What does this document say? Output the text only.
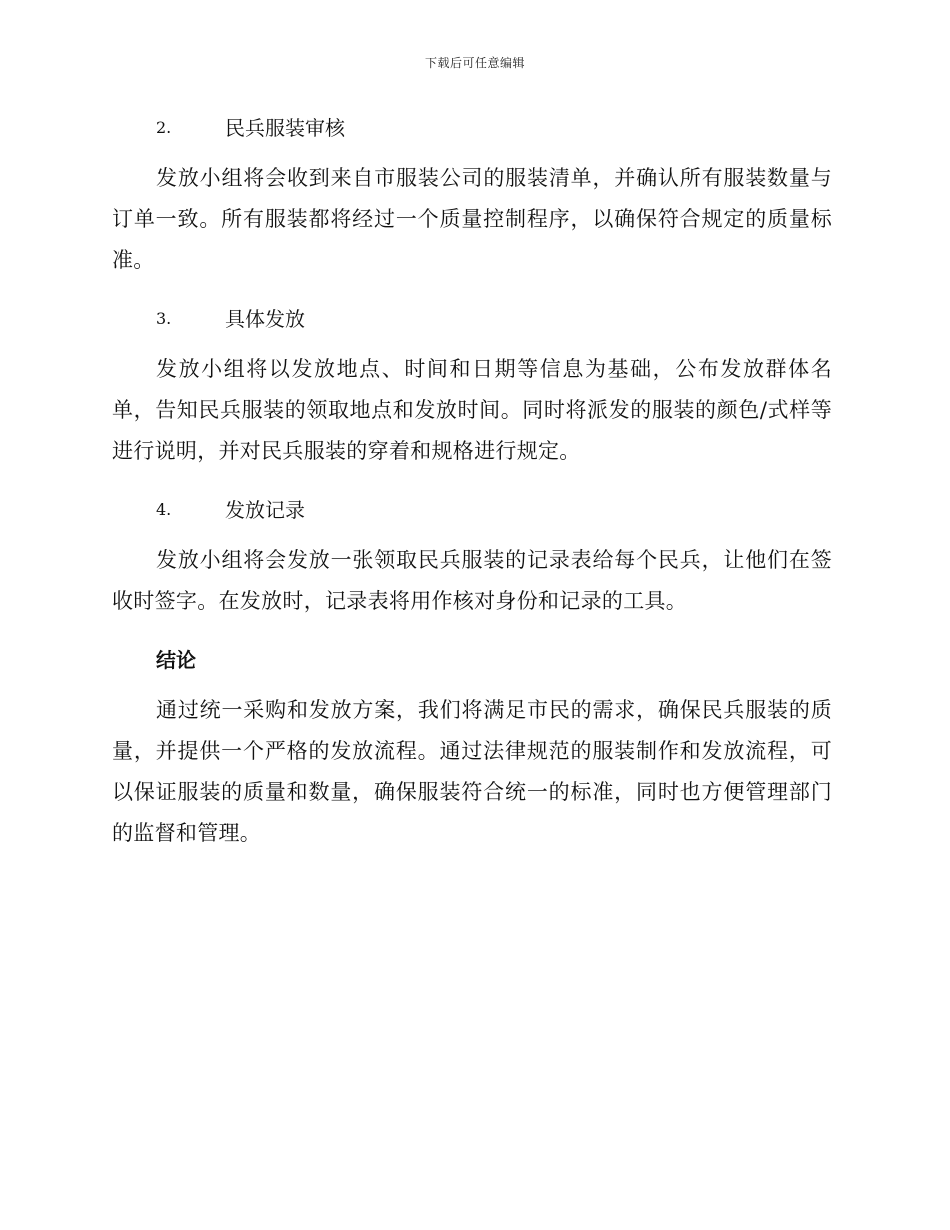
下载后可任意编辑
2.	民兵服装审核

发放小组将会收到来自市服装公司的服装清单，并确认所有服装数量与订单一致。所有服装都将经过一个质量控制程序，以确保符合规定的质量标准。

3.	具体发放

发放小组将以发放地点、时间和日期等信息为基础，公布发放群体名单，告知民兵服装的领取地点和发放时间。同时将派发的服装的颜色/式样等进行说明，并对民兵服装的穿着和规格进行规定。

4.	发放记录

发放小组将会发放一张领取民兵服装的记录表给每个民兵，让他们在签收时签字。在发放时，记录表将用作核对身份和记录的工具。

结论

通过统一采购和发放方案，我们将满足市民的需求，确保民兵服装的质量，并提供一个严格的发放流程。通过法律规范的服装制作和发放流程，可以保证服装的质量和数量，确保服装符合统一的标准，同时也方便管理部门的监督和管理。
